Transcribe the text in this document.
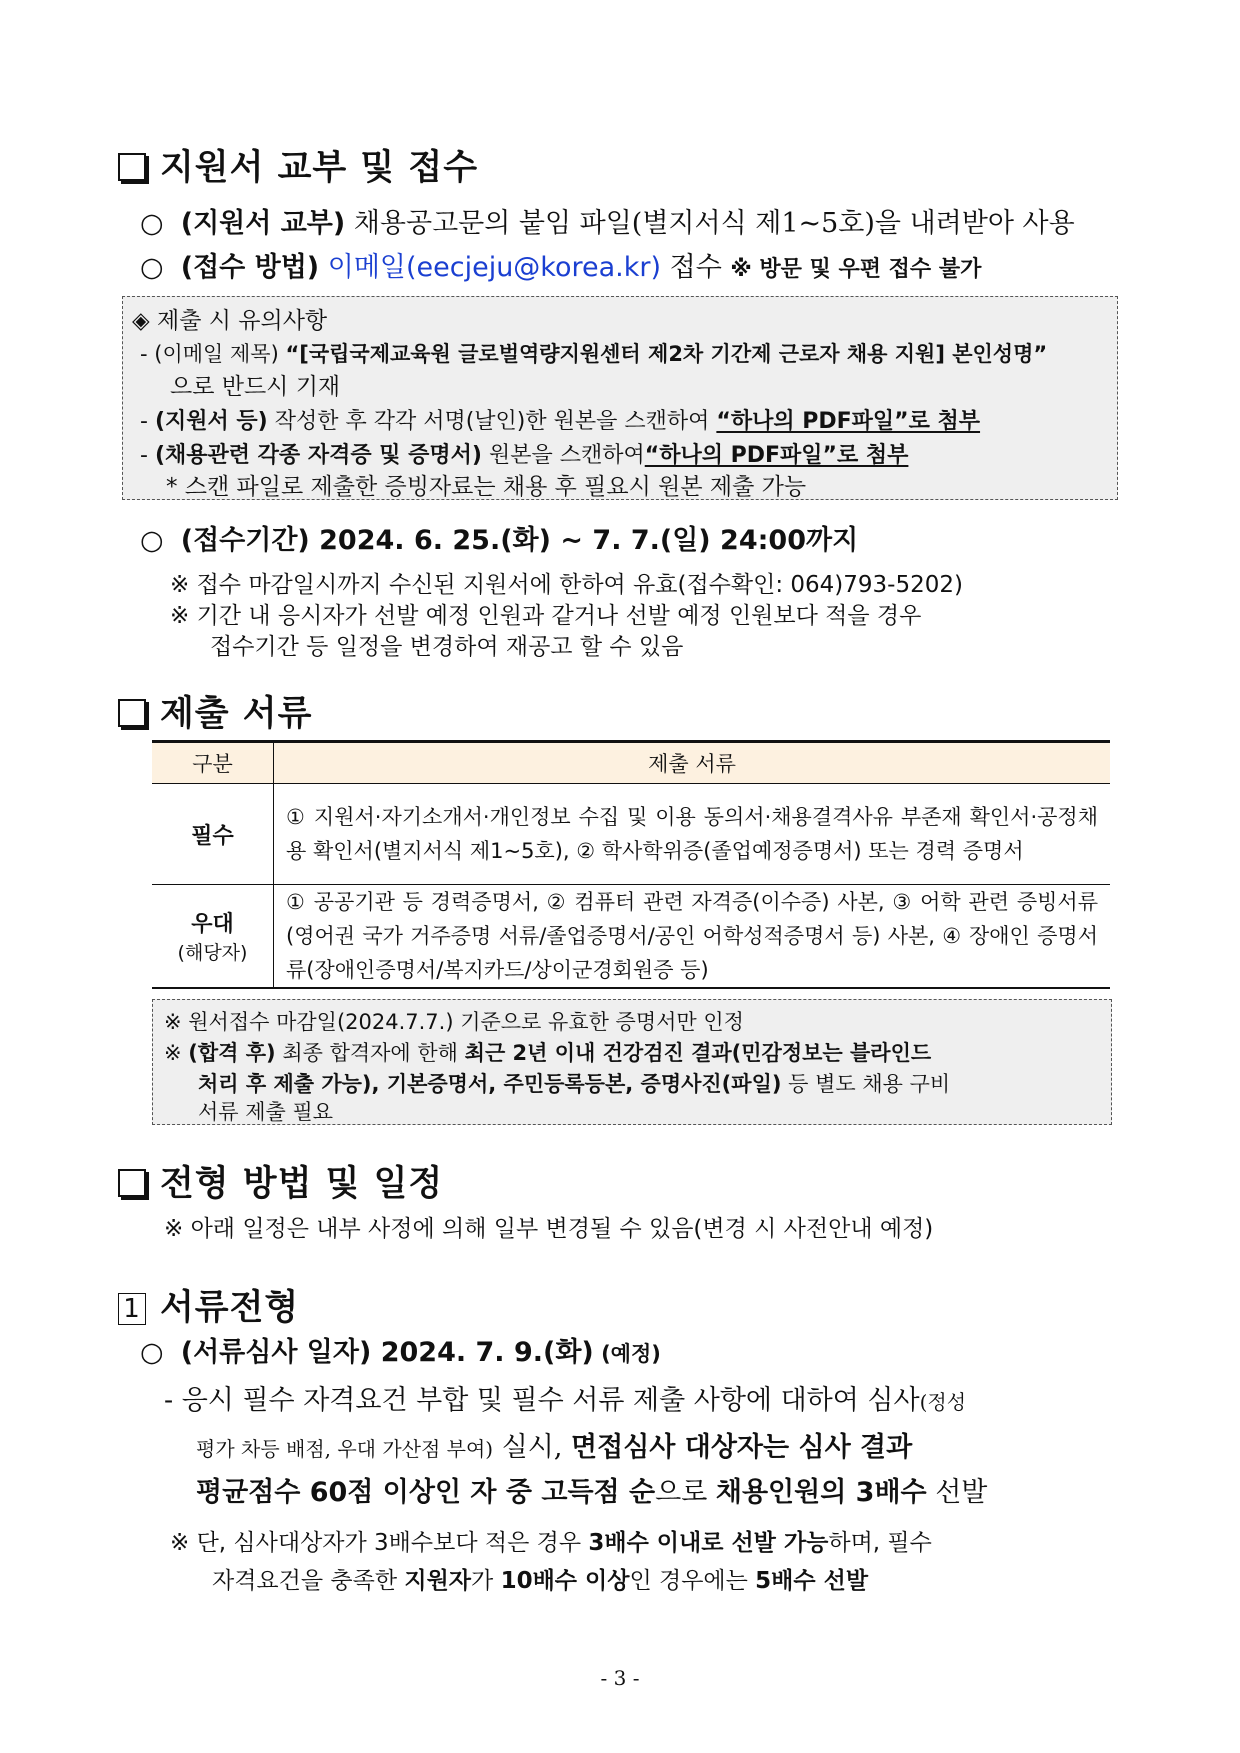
지원서 교부 및 접수
○  (지원서 교부) 채용공고문의 붙임 파일(별지서식 제1~5호)을 내려받아 사용
○  (접수 방법) 이메일(eecjeju@korea.kr) 접수 ※ 방문 및 우편 접수 불가
◈ 제출 시 유의사항
- (이메일 제목) “[국립국제교육원 글로벌역량지원센터 제2차 기간제 근로자 채용 지원] 본인성명”
으로 반드시 기재
- (지원서 등) 작성한 후 각각 서명(날인)한 원본을 스캔하여 “하나의 PDF파일”로 첨부
- (채용관련 각종 자격증 및 증명서) 원본을 스캔하여“하나의 PDF파일”로 첨부
* 스캔 파일로 제출한 증빙자료는 채용 후 필요시 원본 제출 가능
○  (접수기간) 2024. 6. 25.(화) ~ 7. 7.(일) 24:00까지
※ 접수 마감일시까지 수신된 지원서에 한하여 유효(접수확인: 064)793-5202)
※ 기간 내 응시자가 선발 예정 인원과 같거나 선발 예정 인원보다 적을 경우
접수기간 등 일정을 변경하여 재공고 할 수 있음
제출 서류
구분	제출 서류
필수	① 지원서·자기소개서·개인정보 수집 및 이용 동의서·채용결격사유 부존재 확인서·공정채용 확인서(별지서식 제1~5호), ② 학사학위증(졸업예정증명서) 또는 경력 증명서

우대
(해당자)	① 공공기관 등 경력증명서, ② 컴퓨터 관련 자격증(이수증) 사본, ③ 어학 관련 증빙서류(영어권 국가 거주증명 서류/졸업증명서/공인 어학성적증명서 등) 사본, ④ 장애인 증명서류(장애인증명서/복지카드/상이군경회원증 등)
※ 원서접수 마감일(2024.7.7.) 기준으로 유효한 증명서만 인정
※ (합격 후) 최종 합격자에 한해 최근 2년 이내 건강검진 결과(민감정보는 블라인드
처리 후 제출 가능), 기본증명서, 주민등록등본, 증명사진(파일) 등 별도 채용 구비
서류 제출 필요
전형 방법 및 일정
※ 아래 일정은 내부 사정에 의해 일부 변경될 수 있음(변경 시 사전안내 예정)
1 서류전형
○  (서류심사 일자) 2024. 7. 9.(화) (예정)
- 응시 필수 자격요건 부합 및 필수 서류 제출 사항에 대하여 심사(정성
평가 차등 배점, 우대 가산점 부여) 실시, 면접심사 대상자는 심사 결과
평균점수 60점 이상인 자 중 고득점 순으로 채용인원의 3배수 선발
※ 단, 심사대상자가 3배수보다 적은 경우 3배수 이내로 선발 가능하며, 필수
자격요건을 충족한 지원자가 10배수 이상인 경우에는 5배수 선발
- 3 -
